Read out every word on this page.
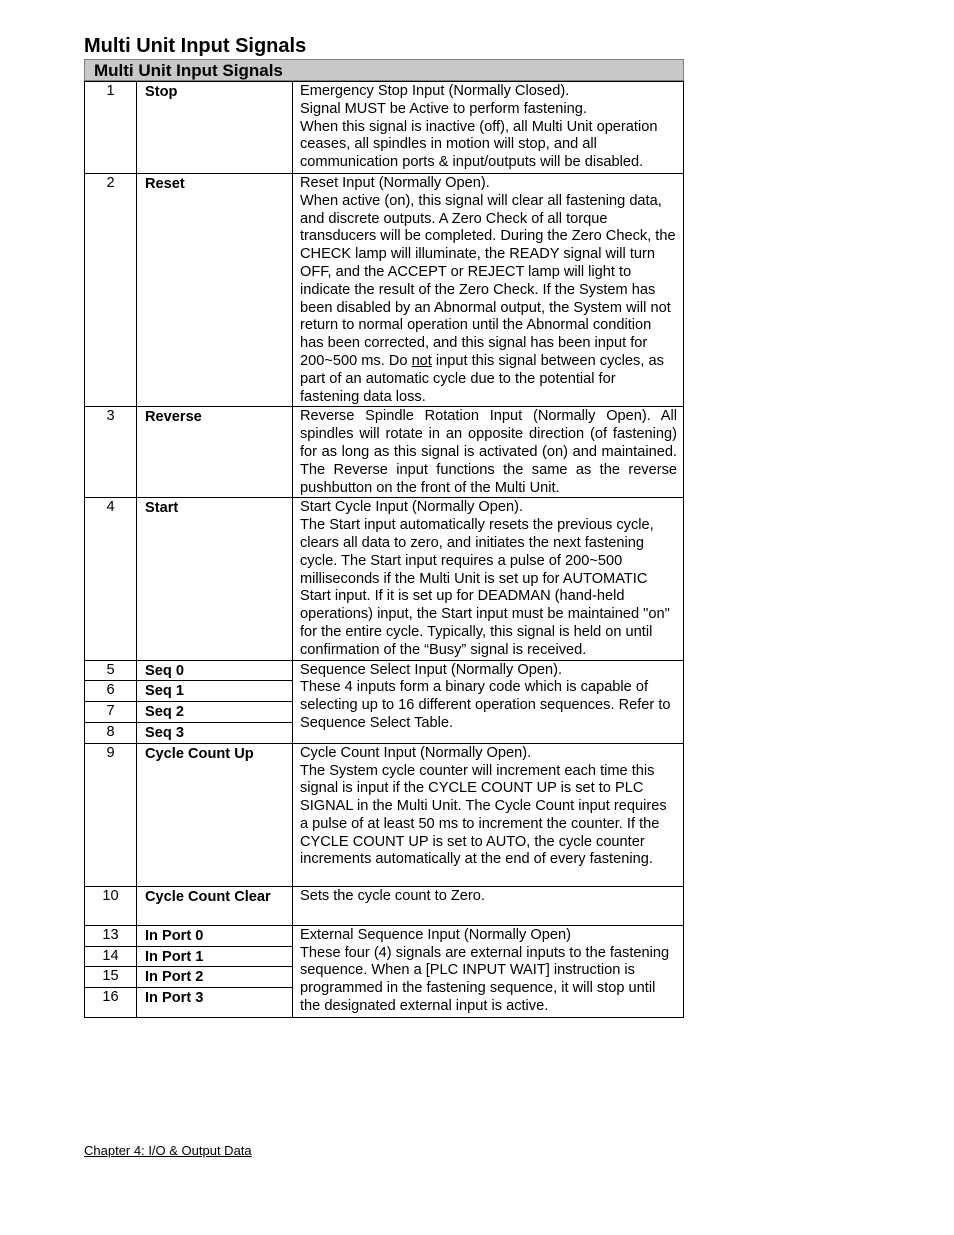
Multi Unit Input Signals
Multi Unit Input Signals
1	Stop	Emergency Stop Input (Normally Closed).
Signal MUST be Active to perform fastening.
When this signal is inactive (off), all Multi Unit operation ceases, all spindles in motion will stop, and all communication ports & input/outputs will be disabled.

2	Reset	Reset Input (Normally Open).
When active (on), this signal will clear all fastening data, and discrete outputs. A Zero Check of all torque transducers will be completed. During the Zero Check, the CHECK lamp will illuminate, the READY signal will turn OFF, and the ACCEPT or REJECT lamp will light to indicate the result of the Zero Check. If the System has been disabled by an Abnormal output, the System will not return to normal operation until the Abnormal condition has been corrected, and this signal has been input for 200~500 ms. Do not input this signal between cycles, as part of an automatic cycle due to the potential for fastening data loss.

3	Reverse	Reverse Spindle Rotation Input (Normally Open). All spindles will rotate in an opposite direction (of fastening) for as long as this signal is activated (on) and maintained. The Reverse input functions the same as the reverse pushbutton on the front of the Multi Unit.

4	Start	Start Cycle Input (Normally Open).
The Start input automatically resets the previous cycle, clears all data to zero, and initiates the next fastening cycle. The Start input requires a pulse of 200~500 milliseconds if the Multi Unit is set up for AUTOMATIC Start input. If it is set up for DEADMAN (hand-held operations) input, the Start input must be maintained "on" for the entire cycle. Typically, this signal is held on until confirmation of the “Busy” signal is received.

5	Seq 0	Sequence Select Input (Normally Open).
These 4 inputs form a binary code which is capable of selecting up to 16 different operation sequences. Refer to Sequence Select Table.

6	Seq 1	
7	Seq 2	
8	Seq 3	
9	Cycle Count Up	Cycle Count Input (Normally Open).
The System cycle counter will increment each time this signal is input if the CYCLE COUNT UP is set to PLC SIGNAL in the Multi Unit. The Cycle Count input requires a pulse of at least 50 ms to increment the counter. If the CYCLE COUNT UP is set to AUTO, the cycle counter increments automatically at the end of every fastening.

10	Cycle Count Clear	Sets the cycle count to Zero.

13	In Port 0	External Sequence Input (Normally Open)
These four (4) signals are external inputs to the fastening sequence. When a [PLC INPUT WAIT] instruction is programmed in the fastening sequence, it will stop until the designated external input is active.

14	In Port 1	
15	In Port 2	
16	In Port 3	
Chapter 4: I/O & Output Data
